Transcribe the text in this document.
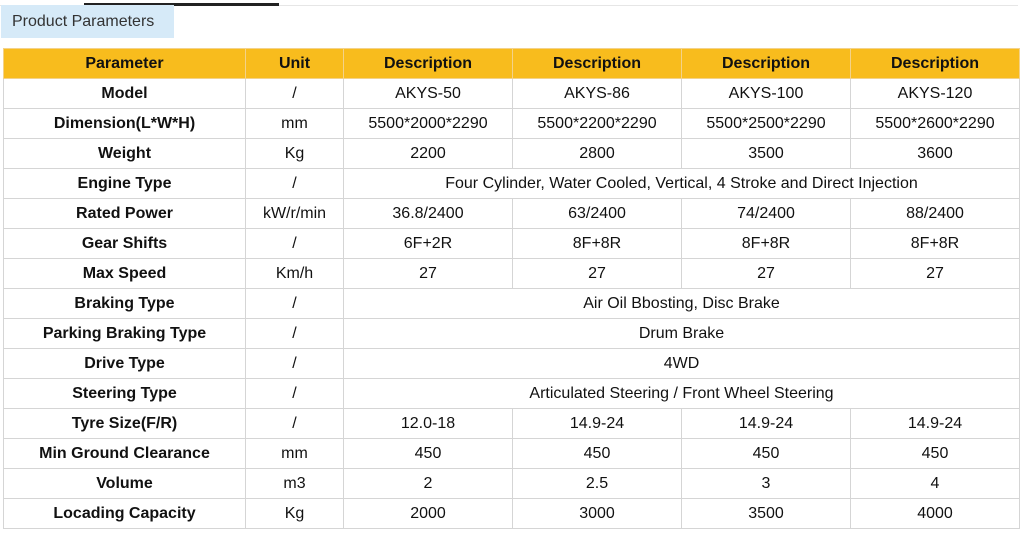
Product Parameters
Parameter	Unit	Description	Description	Description	Description
Model	/	AKYS-50	AKYS-86	AKYS-100	AKYS-120
Dimension(L*W*H)	mm	5500*2000*2290	5500*2200*2290	5500*2500*2290	5500*2600*2290
Weight	Kg	2200	2800	3500	3600
Engine Type	/	Four Cylinder, Water Cooled, Vertical, 4 Stroke and Direct Injection			
Rated Power	kW/r/min	36.8/2400	63/2400	74/2400	88/2400
Gear Shifts	/	6F+2R	8F+8R	8F+8R	8F+8R
Max Speed	Km/h	27	27	27	27
Braking Type	/	Air Oil Bbosting, Disc Brake			
Parking Braking Type	/	Drum Brake			
Drive Type	/	4WD			
Steering Type	/	Articulated Steering / Front Wheel Steering			
Tyre Size(F/R)	/	12.0-18	14.9-24	14.9-24	14.9-24
Min Ground Clearance	mm	450	450	450	450
Volume	m3	2	2.5	3	4
Locading Capacity	Kg	2000	3000	3500	4000
